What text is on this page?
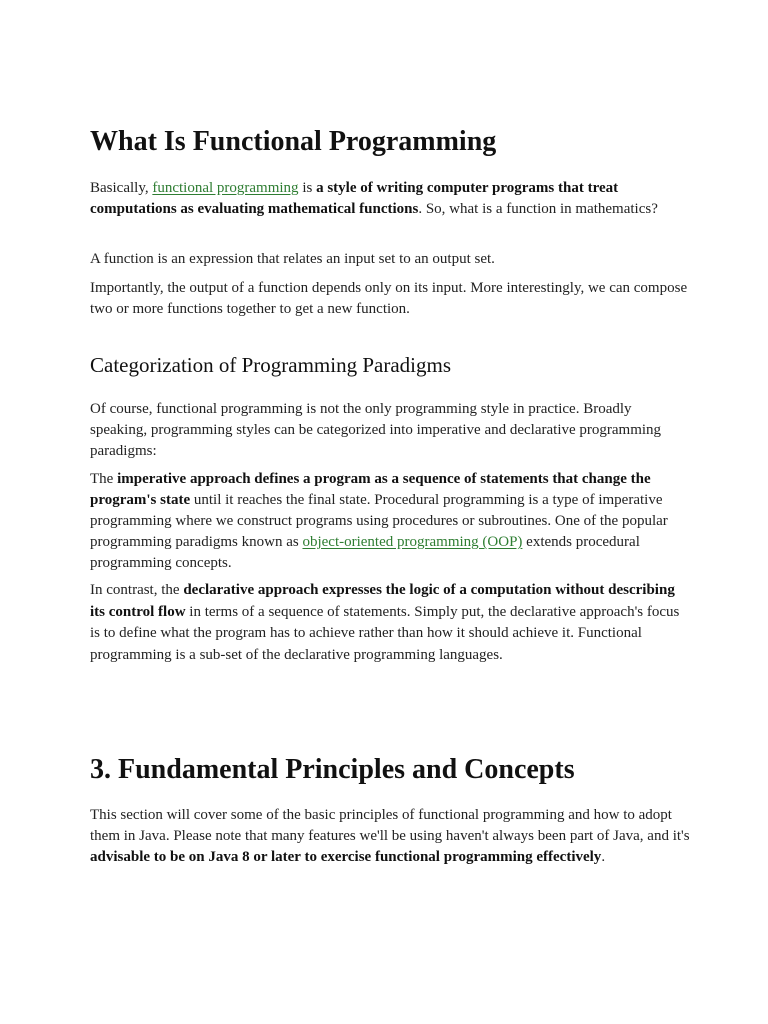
What Is Functional Programming

Basically, functional programming is a style of writing computer programs that treat computations as evaluating mathematical functions. So, what is a function in mathematics?

A function is an expression that relates an input set to an output set.

Importantly, the output of a function depends only on its input. More interestingly, we can compose two or more functions together to get a new function.

Categorization of Programming Paradigms

Of course, functional programming is not the only programming style in practice. Broadly speaking, programming styles can be categorized into imperative and declarative programming paradigms:

The imperative approach defines a program as a sequence of statements that change the program's state until it reaches the final state. Procedural programming is a type of imperative programming where we construct programs using procedures or subroutines. One of the popular programming paradigms known as object-oriented programming (OOP) extends procedural programming concepts.

In contrast, the declarative approach expresses the logic of a computation without describing its control flow in terms of a sequence of statements. Simply put, the declarative approach's focus is to define what the program has to achieve rather than how it should achieve it. Functional programming is a sub-set of the declarative programming languages.

3. Fundamental Principles and Concepts

This section will cover some of the basic principles of functional programming and how to adopt them in Java. Please note that many features we'll be using haven't always been part of Java, and it's advisable to be on Java 8 or later to exercise functional programming effectively.
